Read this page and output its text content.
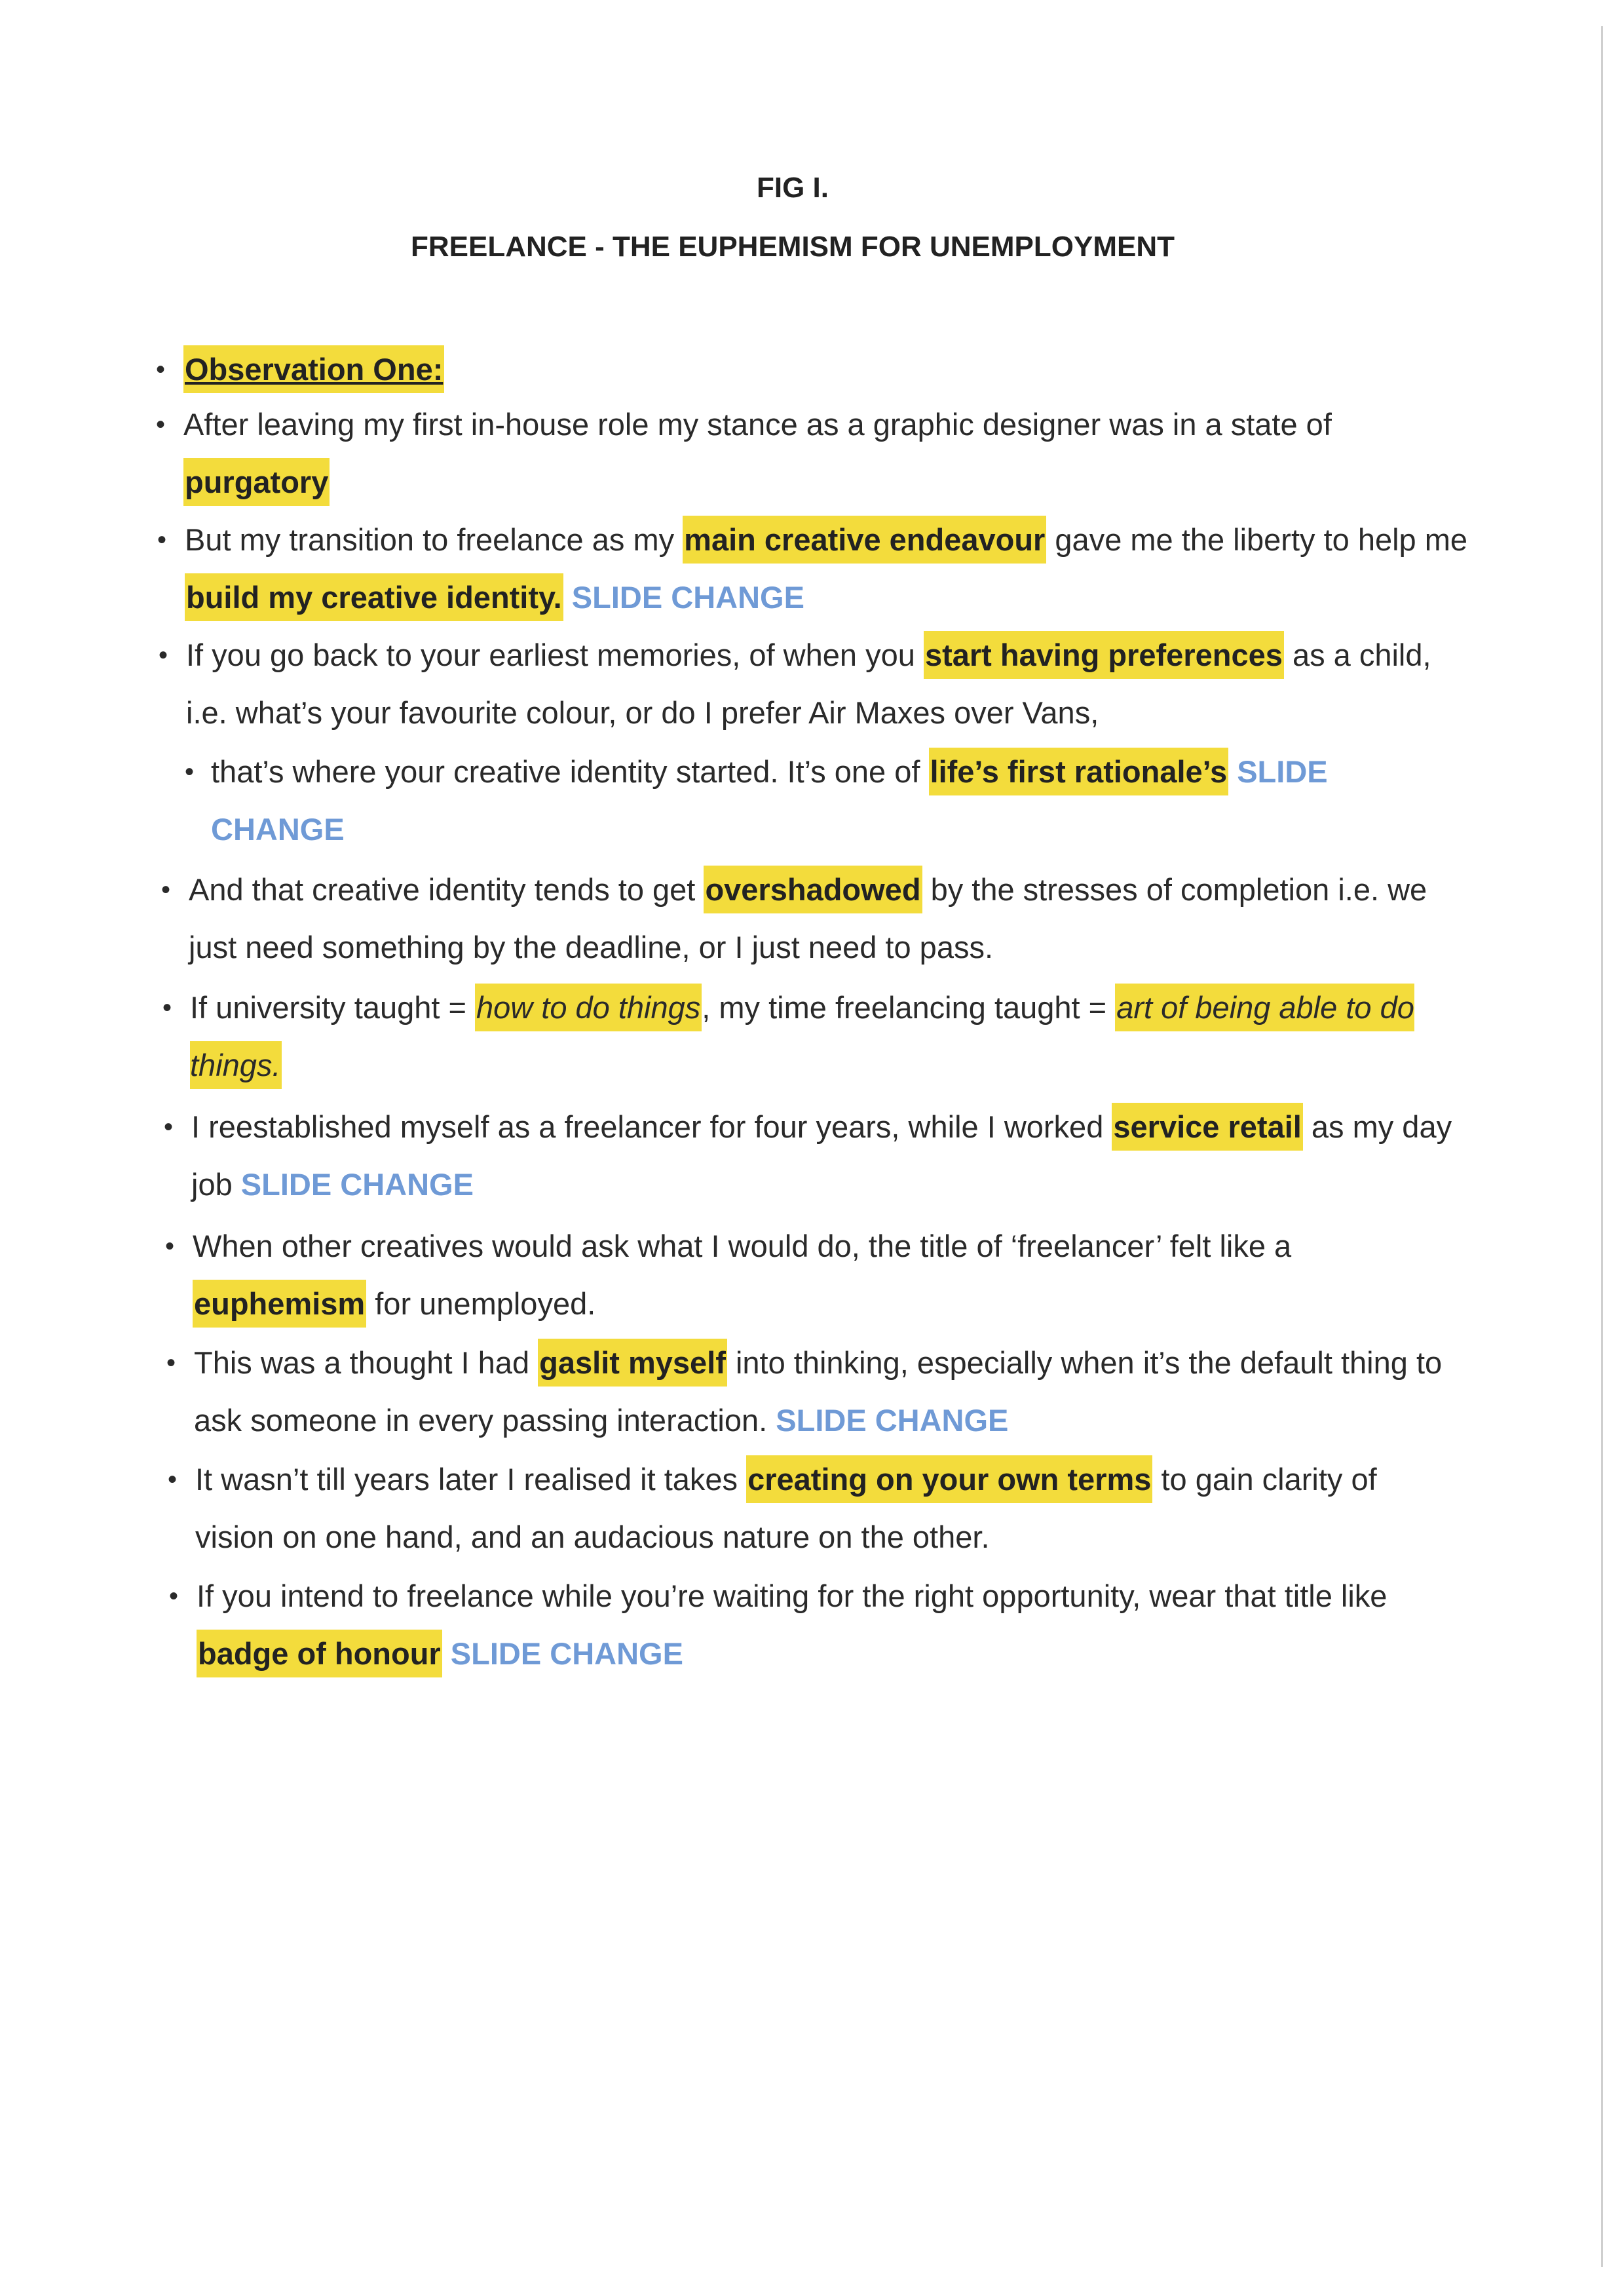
FIG I.
FREELANCE - THE EUPHEMISM FOR UNEMPLOYMENT
• Observation One:
• After leaving my first in-house role my stance as a graphic designer was in a state of purgatory
• But my transition to freelance as my main creative endeavour gave me the liberty to help me build my creative identity. SLIDE CHANGE
• If you go back to your earliest memories, of when you start having preferences as a child, i.e. what’s your favourite colour, or do I prefer Air Maxes over Vans,
• that’s where your creative identity started. It’s one of life’s first rationale’s SLIDE CHANGE
• And that creative identity tends to get overshadowed by the stresses of completion i.e. we just need something by the deadline, or I just need to pass.
• If university taught = how to do things, my time freelancing taught = art of being able to do things.
• I reestablished myself as a freelancer for four years, while I worked service retail as my day job SLIDE CHANGE
• When other creatives would ask what I would do, the title of ‘freelancer’ felt like a euphemism for unemployed.
• This was a thought I had gaslit myself into thinking, especially when it’s the default thing to ask someone in every passing interaction. SLIDE CHANGE
• It wasn’t till years later I realised it takes creating on your own terms to gain clarity of vision on one hand, and an audacious nature on the other.
• If you intend to freelance while you’re waiting for the right opportunity, wear that title like badge of honour SLIDE CHANGE
